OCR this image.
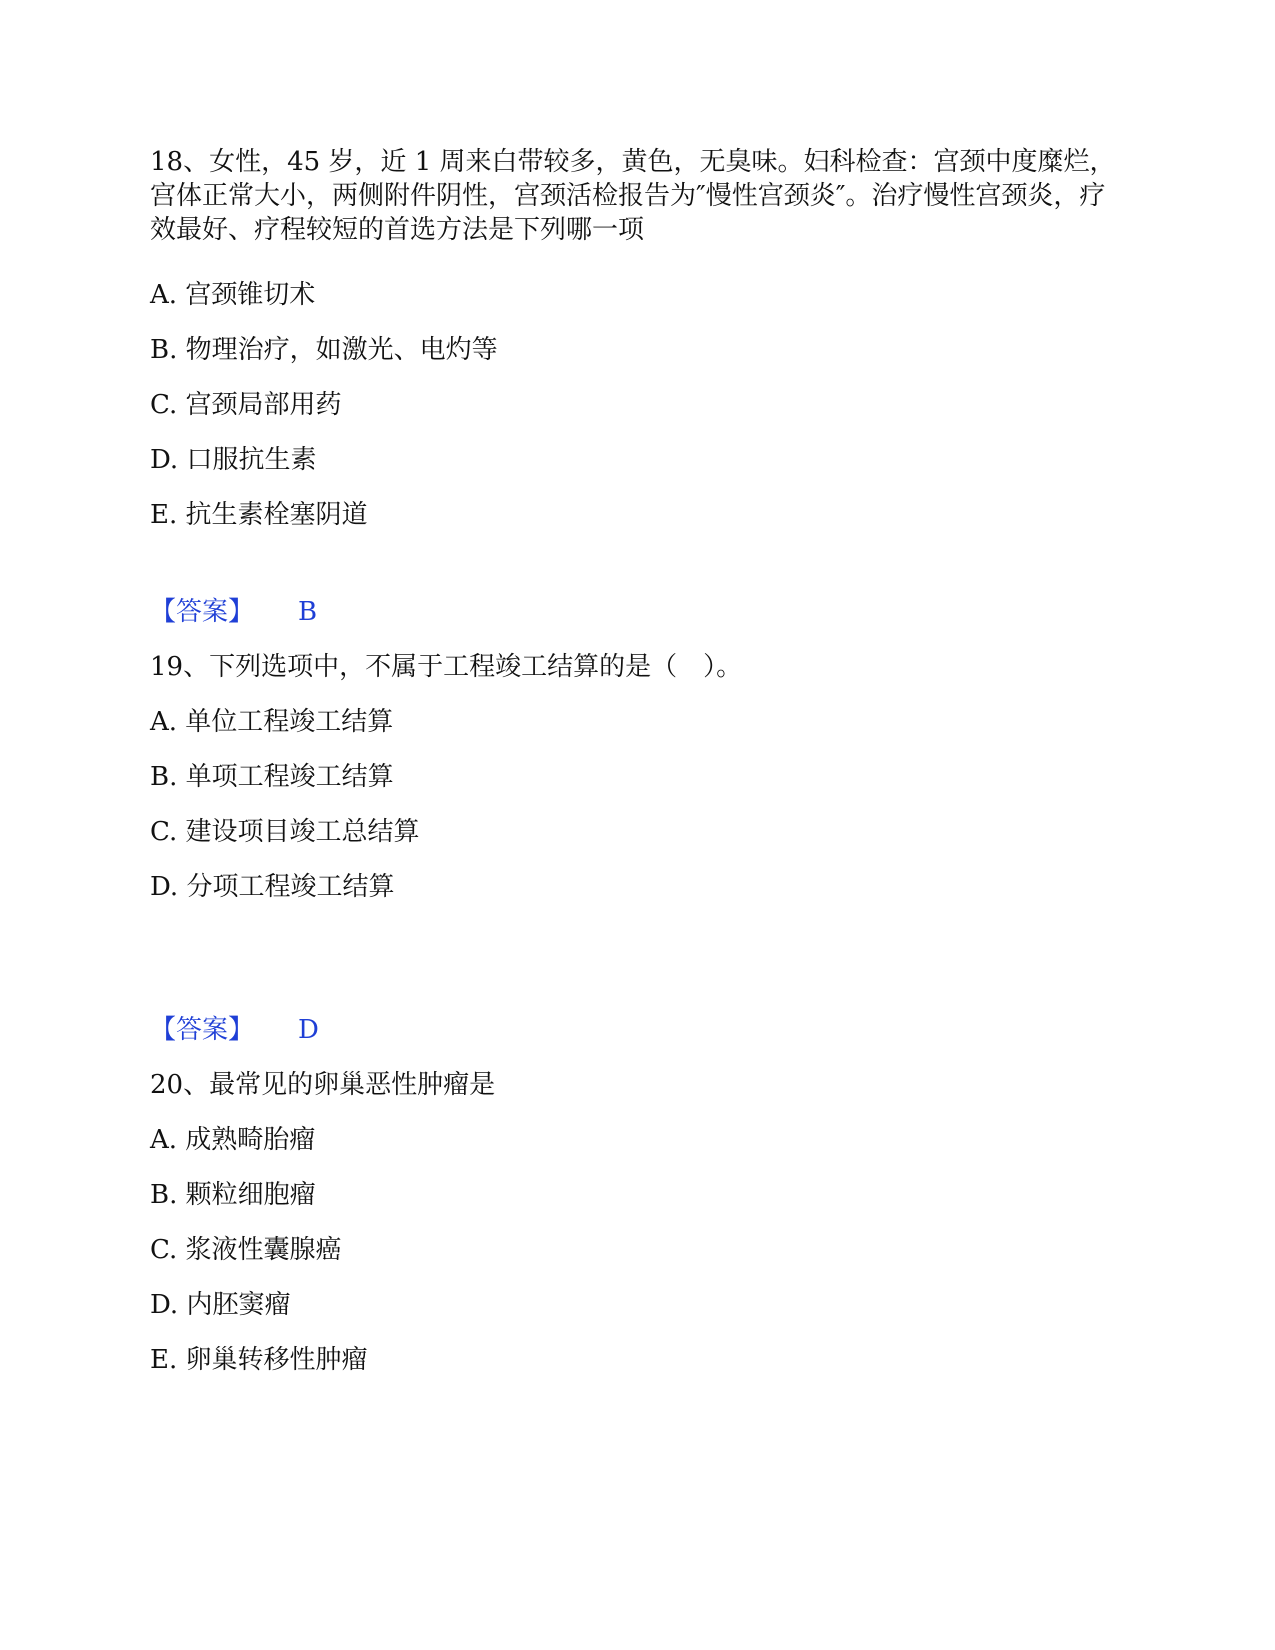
18、女性，45 岁，近 1 周来白带较多，黄色，无臭味。妇科检查：宫颈中度糜烂，宫体正常大小，两侧附件阴性，宫颈活检报告为″慢性宫颈炎″。治疗慢性宫颈炎，疗效最好、疗程较短的首选方法是下列哪一项
A. 宫颈锥切术
B. 物理治疗，如激光、电灼等
C. 宫颈局部用药
D. 口服抗生素
E. 抗生素栓塞阴道
【答案】 B
19、下列选项中，不属于工程竣工结算的是（　）。
A. 单位工程竣工结算
B. 单项工程竣工结算
C. 建设项目竣工总结算
D. 分项工程竣工结算
【答案】 D
20、最常见的卵巢恶性肿瘤是
A. 成熟畸胎瘤
B. 颗粒细胞瘤
C. 浆液性囊腺癌
D. 内胚窦瘤
E. 卵巢转移性肿瘤
